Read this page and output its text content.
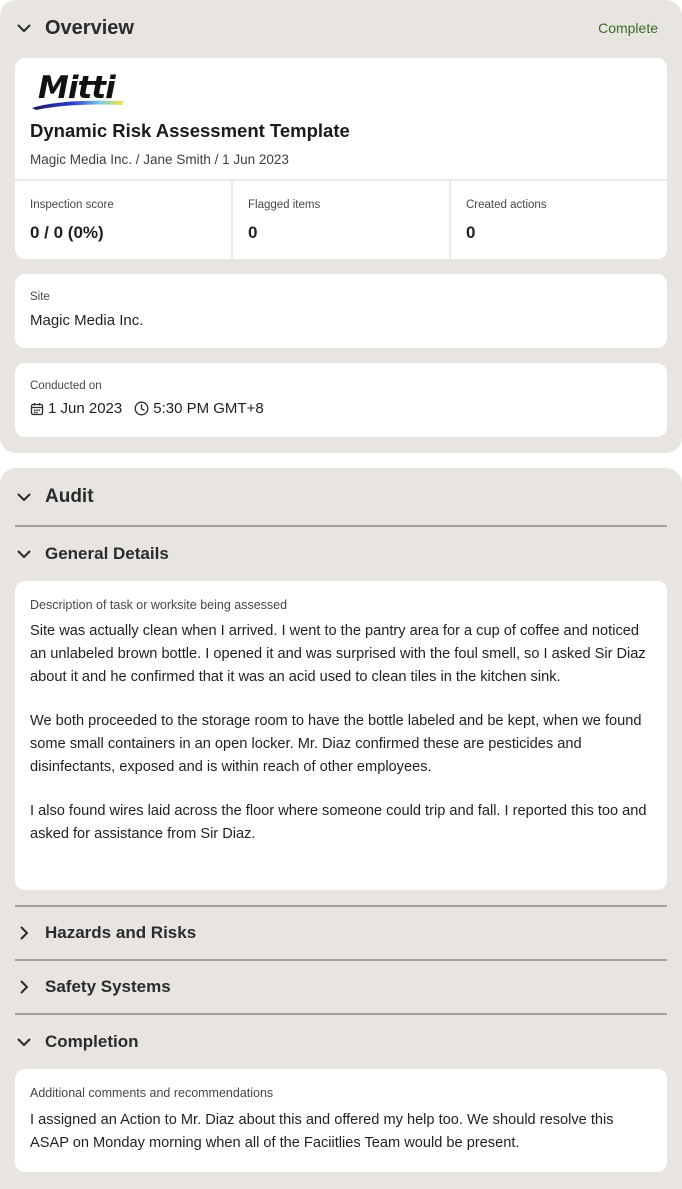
Overview	Complete
Mitti
Dynamic Risk Assessment Template
Magic Media Inc. / Jane Smith / 1 Jun 2023
Inspection score
0 / 0 (0%)
Flagged items
0
Created actions
0
Site
Magic Media Inc.
Conducted on
1 Jun 2023 5:30 PM GMT+8
Audit
General Details
Description of task or worksite being assessed

Site was actually clean when I arrived. I went to the pantry area for a cup of coffee and noticed an unlabeled brown bottle. I opened it and was surprised with the foul smell, so I asked Sir Diaz about it and he confirmed that it was an acid used to clean tiles in the kitchen sink.

We both proceeded to the storage room to have the bottle labeled and be kept, when we found some small containers in an open locker. Mr. Diaz confirmed these are pesticides and disinfectants, exposed and is within reach of other employees.

I also found wires laid across the floor where someone could trip and fall. I reported this too and asked for assistance from Sir Diaz.

Hazards and Risks
Safety Systems
Completion
Additional comments and recommendations

I assigned an Action to Mr. Diaz about this and offered my help too. We should resolve this ASAP on Monday morning when all of the Faciitlies Team would be present.
